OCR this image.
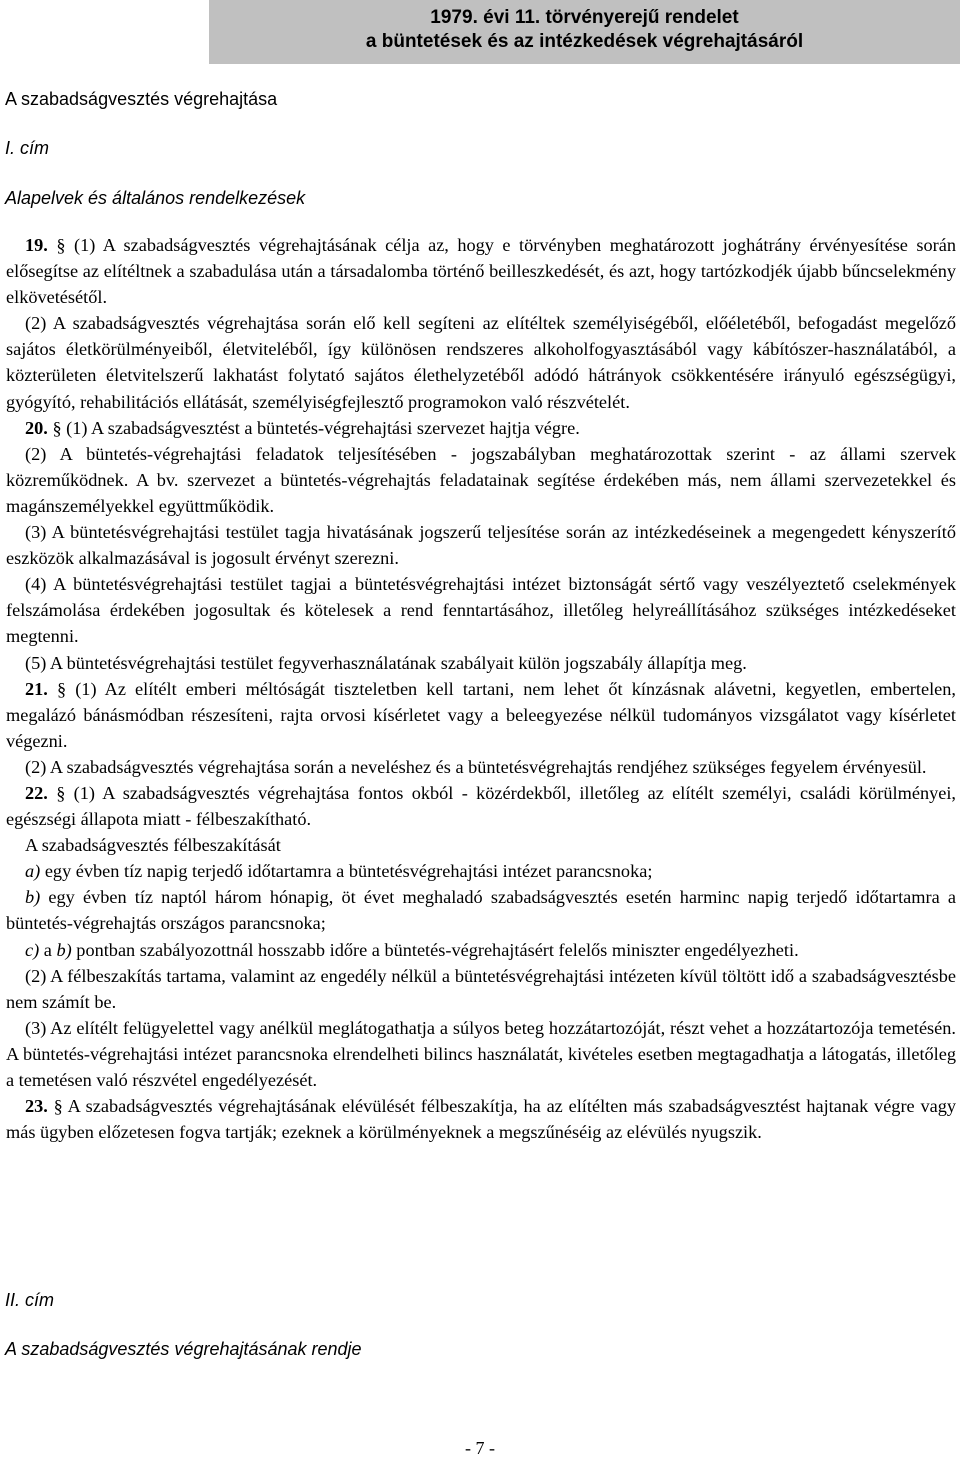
1979. évi 11. törvényerejű rendelet
a büntetések és az intézkedések végrehajtásáról
A szabadságvesztés végrehajtása
I. cím
Alapelvek és általános rendelkezések

19. § (1) A szabadságvesztés végrehajtásának célja az, hogy e törvényben meghatározott joghátrány érvényesítése során elősegítse az elítéltnek a szabadulása után a társadalomba történő beilleszkedését, és azt, hogy tartózkodjék újabb bűncselekmény elkövetésétől.

(2) A szabadságvesztés végrehajtása során elő kell segíteni az elítéltek személyiségéből, előéletéből, befogadást megelőző sajátos életkörülményeiből, életviteléből, így különösen rendszeres alkoholfogyasztásából vagy kábítószer-használatából, a közterületen életvitelszerű lakhatást folytató sajátos élethelyzetéből adódó hátrányok csökkentésére irányuló egészségügyi, gyógyító, rehabilitációs ellátását, személyiségfejlesztő programokon való részvételét.

20. § (1) A szabadságvesztést a büntetés-végrehajtási szervezet hajtja végre.

(2) A büntetés-végrehajtási feladatok teljesítésében - jogszabályban meghatározottak szerint - az állami szervek közreműködnek. A bv. szervezet a büntetés-végrehajtás feladatainak segítése érdekében más, nem állami szervezetekkel és magánszemélyekkel együttműködik.

(3) A büntetésvégrehajtási testület tagja hivatásának jogszerű teljesítése során az intézkedéseinek a megengedett kényszerítő eszközök alkalmazásával is jogosult érvényt szerezni.

(4) A büntetésvégrehajtási testület tagjai a büntetésvégrehajtási intézet biztonságát sértő vagy veszélyeztető cselekmények felszámolása érdekében jogosultak és kötelesek a rend fenntartásához, illetőleg helyreállításához szükséges intézkedéseket megtenni.

(5) A büntetésvégrehajtási testület fegyverhasználatának szabályait külön jogszabály állapítja meg.

21. § (1) Az elítélt emberi méltóságát tiszteletben kell tartani, nem lehet őt kínzásnak alávetni, kegyetlen, embertelen, megalázó bánásmódban részesíteni, rajta orvosi kísérletet vagy a beleegyezése nélkül tudományos vizsgálatot vagy kísérletet végezni.

(2) A szabadságvesztés végrehajtása során a neveléshez és a büntetésvégrehajtás rendjéhez szükséges fegyelem érvényesül.

22. § (1) A szabadságvesztés végrehajtása fontos okból - közérdekből, illetőleg az elítélt személyi, családi körülményei, egészségi állapota miatt - félbeszakítható.

A szabadságvesztés félbeszakítását

a) egy évben tíz napig terjedő időtartamra a büntetésvégrehajtási intézet parancsnoka;

b) egy évben tíz naptól három hónapig, öt évet meghaladó szabadságvesztés esetén harminc napig terjedő időtartamra a büntetés-végrehajtás országos parancsnoka;

c) a b) pontban szabályozottnál hosszabb időre a büntetés-végrehajtásért felelős miniszter engedélyezheti.

(2) A félbeszakítás tartama, valamint az engedély nélkül a büntetésvégrehajtási intézeten kívül töltött idő a szabadságvesztésbe nem számít be.

(3) Az elítélt felügyelettel vagy anélkül meglátogathatja a súlyos beteg hozzátartozóját, részt vehet a hozzátartozója temetésén. A büntetés-végrehajtási intézet parancsnoka elrendelheti bilincs használatát, kivételes esetben megtagadhatja a látogatás, illetőleg a temetésen való részvétel engedélyezését.

23. § A szabadságvesztés végrehajtásának elévülését félbeszakítja, ha az elítélten más szabadságvesztést hajtanak végre vagy más ügyben előzetesen fogva tartják; ezeknek a körülményeknek a megszűnéséig az elévülés nyugszik.

II. cím
A szabadságvesztés végrehajtásának rendje
- 7 -
